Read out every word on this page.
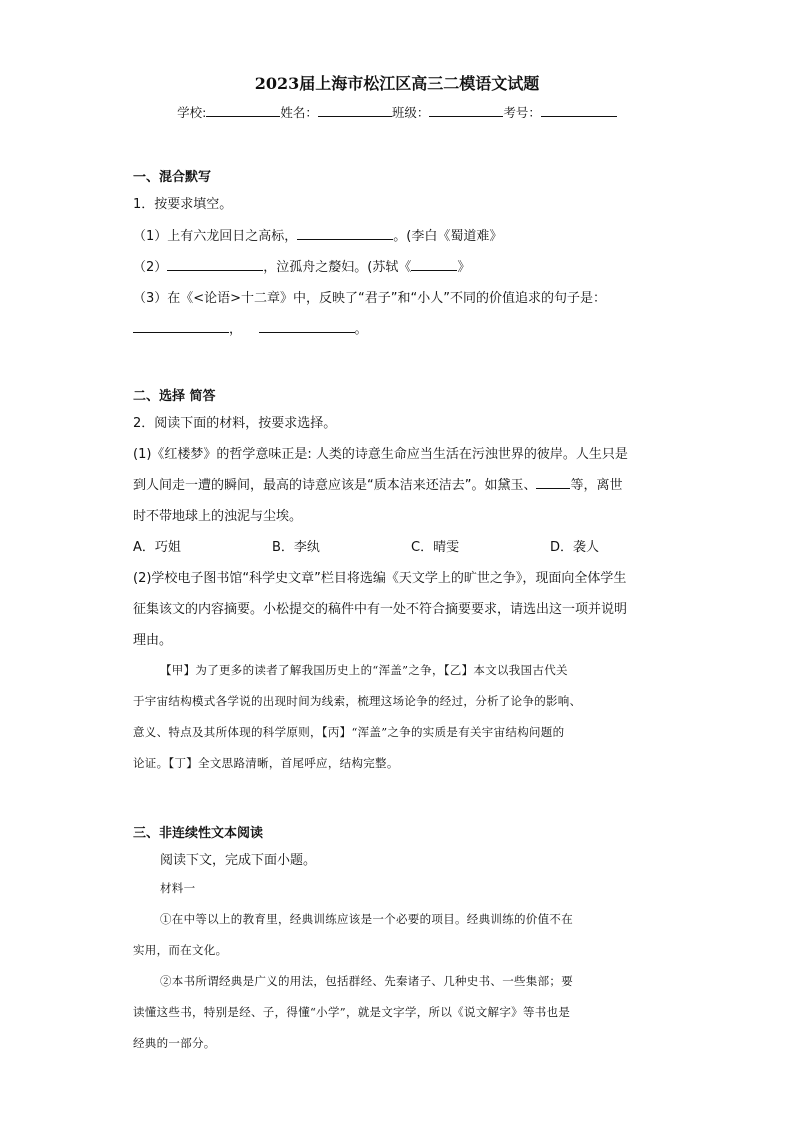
2023届上海市松江区高三二模语文试题
学校:	姓名：	班级：	考号：
一、混合默写
1．按要求填空。
（1）上有六龙回日之高标，	。(李白《蜀道难》
（2）	，泣孤舟之嫠妇。(苏轼《	》
（3）在《<论语>十二章》中，反映了“君子”和“小人”不同的价值追求的句子是：
，	。
二、选择 简答
2．阅读下面的材料，按要求选择。
(1)《红楼梦》的哲学意味正是: 人类的诗意生命应当生活在污浊世界的彼岸。人生只是
到人间走一遭的瞬间，最高的诗意应该是“质本洁来还洁去”。如黛玉、	等，离世
时不带地球上的浊泥与尘埃。
A．巧姐	B．李纨	C．晴雯	D．袭人
(2)学校电子图书馆“科学史文章”栏目将选编《天文学上的旷世之争》，现面向全体学生
征集该文的内容摘要。小松提交的稿件中有一处不符合摘要要求，请选出这一项并说明
理由。
【甲】为了更多的读者了解我国历史上的“浑盖”之争，【乙】本文以我国古代关
于宇宙结构模式各学说的出现时间为线索，梳理这场论争的经过，分析了论争的影响、
意义、特点及其所体现的科学原则，【丙】“浑盖”之争的实质是有关宇宙结构问题的
论证。【丁】全文思路清晰，首尾呼应，结构完整。
三、非连续性文本阅读
阅读下文，完成下面小题。
材料一
①在中等以上的教育里，经典训练应该是一个必要的项目。经典训练的价值不在
实用，而在文化。
②本书所谓经典是广义的用法，包括群经、先秦诸子、几种史书、一些集部；要
读懂这些书，特别是经、子，得懂“小学”，就是文字学，所以《说文解字》等书也是
经典的一部分。
